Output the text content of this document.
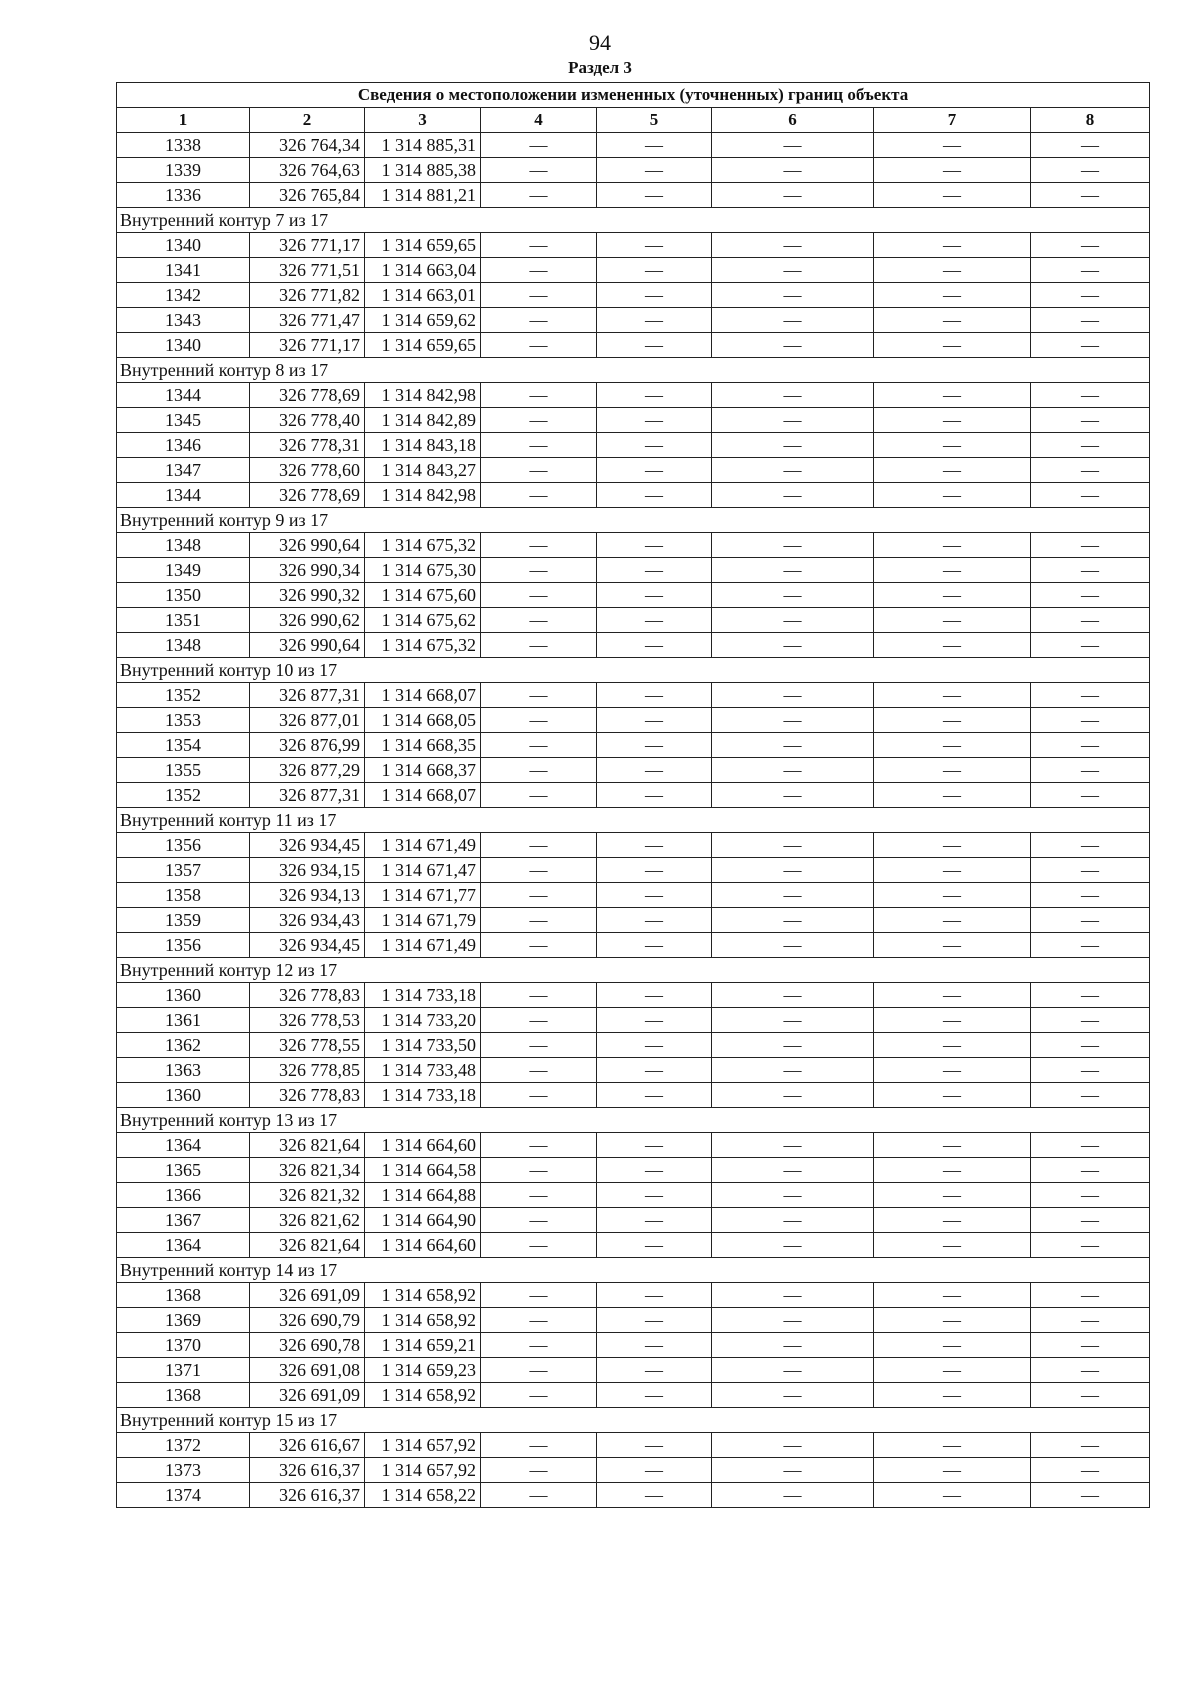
94
Раздел 3
Сведения о местоположении измененных (уточненных) границ объекта							
1	2	3	4	5	6	7	8
1338	326 764,34	1 314 885,31	—	—	—	—	—
1339	326 764,63	1 314 885,38	—	—	—	—	—
1336	326 765,84	1 314 881,21	—	—	—	—	—
Внутренний контур 7 из 17							
1340	326 771,17	1 314 659,65	—	—	—	—	—
1341	326 771,51	1 314 663,04	—	—	—	—	—
1342	326 771,82	1 314 663,01	—	—	—	—	—
1343	326 771,47	1 314 659,62	—	—	—	—	—
1340	326 771,17	1 314 659,65	—	—	—	—	—
Внутренний контур 8 из 17							
1344	326 778,69	1 314 842,98	—	—	—	—	—
1345	326 778,40	1 314 842,89	—	—	—	—	—
1346	326 778,31	1 314 843,18	—	—	—	—	—
1347	326 778,60	1 314 843,27	—	—	—	—	—
1344	326 778,69	1 314 842,98	—	—	—	—	—
Внутренний контур 9 из 17							
1348	326 990,64	1 314 675,32	—	—	—	—	—
1349	326 990,34	1 314 675,30	—	—	—	—	—
1350	326 990,32	1 314 675,60	—	—	—	—	—
1351	326 990,62	1 314 675,62	—	—	—	—	—
1348	326 990,64	1 314 675,32	—	—	—	—	—
Внутренний контур 10 из 17							
1352	326 877,31	1 314 668,07	—	—	—	—	—
1353	326 877,01	1 314 668,05	—	—	—	—	—
1354	326 876,99	1 314 668,35	—	—	—	—	—
1355	326 877,29	1 314 668,37	—	—	—	—	—
1352	326 877,31	1 314 668,07	—	—	—	—	—
Внутренний контур 11 из 17							
1356	326 934,45	1 314 671,49	—	—	—	—	—
1357	326 934,15	1 314 671,47	—	—	—	—	—
1358	326 934,13	1 314 671,77	—	—	—	—	—
1359	326 934,43	1 314 671,79	—	—	—	—	—
1356	326 934,45	1 314 671,49	—	—	—	—	—
Внутренний контур 12 из 17							
1360	326 778,83	1 314 733,18	—	—	—	—	—
1361	326 778,53	1 314 733,20	—	—	—	—	—
1362	326 778,55	1 314 733,50	—	—	—	—	—
1363	326 778,85	1 314 733,48	—	—	—	—	—
1360	326 778,83	1 314 733,18	—	—	—	—	—
Внутренний контур 13 из 17							
1364	326 821,64	1 314 664,60	—	—	—	—	—
1365	326 821,34	1 314 664,58	—	—	—	—	—
1366	326 821,32	1 314 664,88	—	—	—	—	—
1367	326 821,62	1 314 664,90	—	—	—	—	—
1364	326 821,64	1 314 664,60	—	—	—	—	—
Внутренний контур 14 из 17							
1368	326 691,09	1 314 658,92	—	—	—	—	—
1369	326 690,79	1 314 658,92	—	—	—	—	—
1370	326 690,78	1 314 659,21	—	—	—	—	—
1371	326 691,08	1 314 659,23	—	—	—	—	—
1368	326 691,09	1 314 658,92	—	—	—	—	—
Внутренний контур 15 из 17							
1372	326 616,67	1 314 657,92	—	—	—	—	—
1373	326 616,37	1 314 657,92	—	—	—	—	—
1374	326 616,37	1 314 658,22	—	—	—	—	—
